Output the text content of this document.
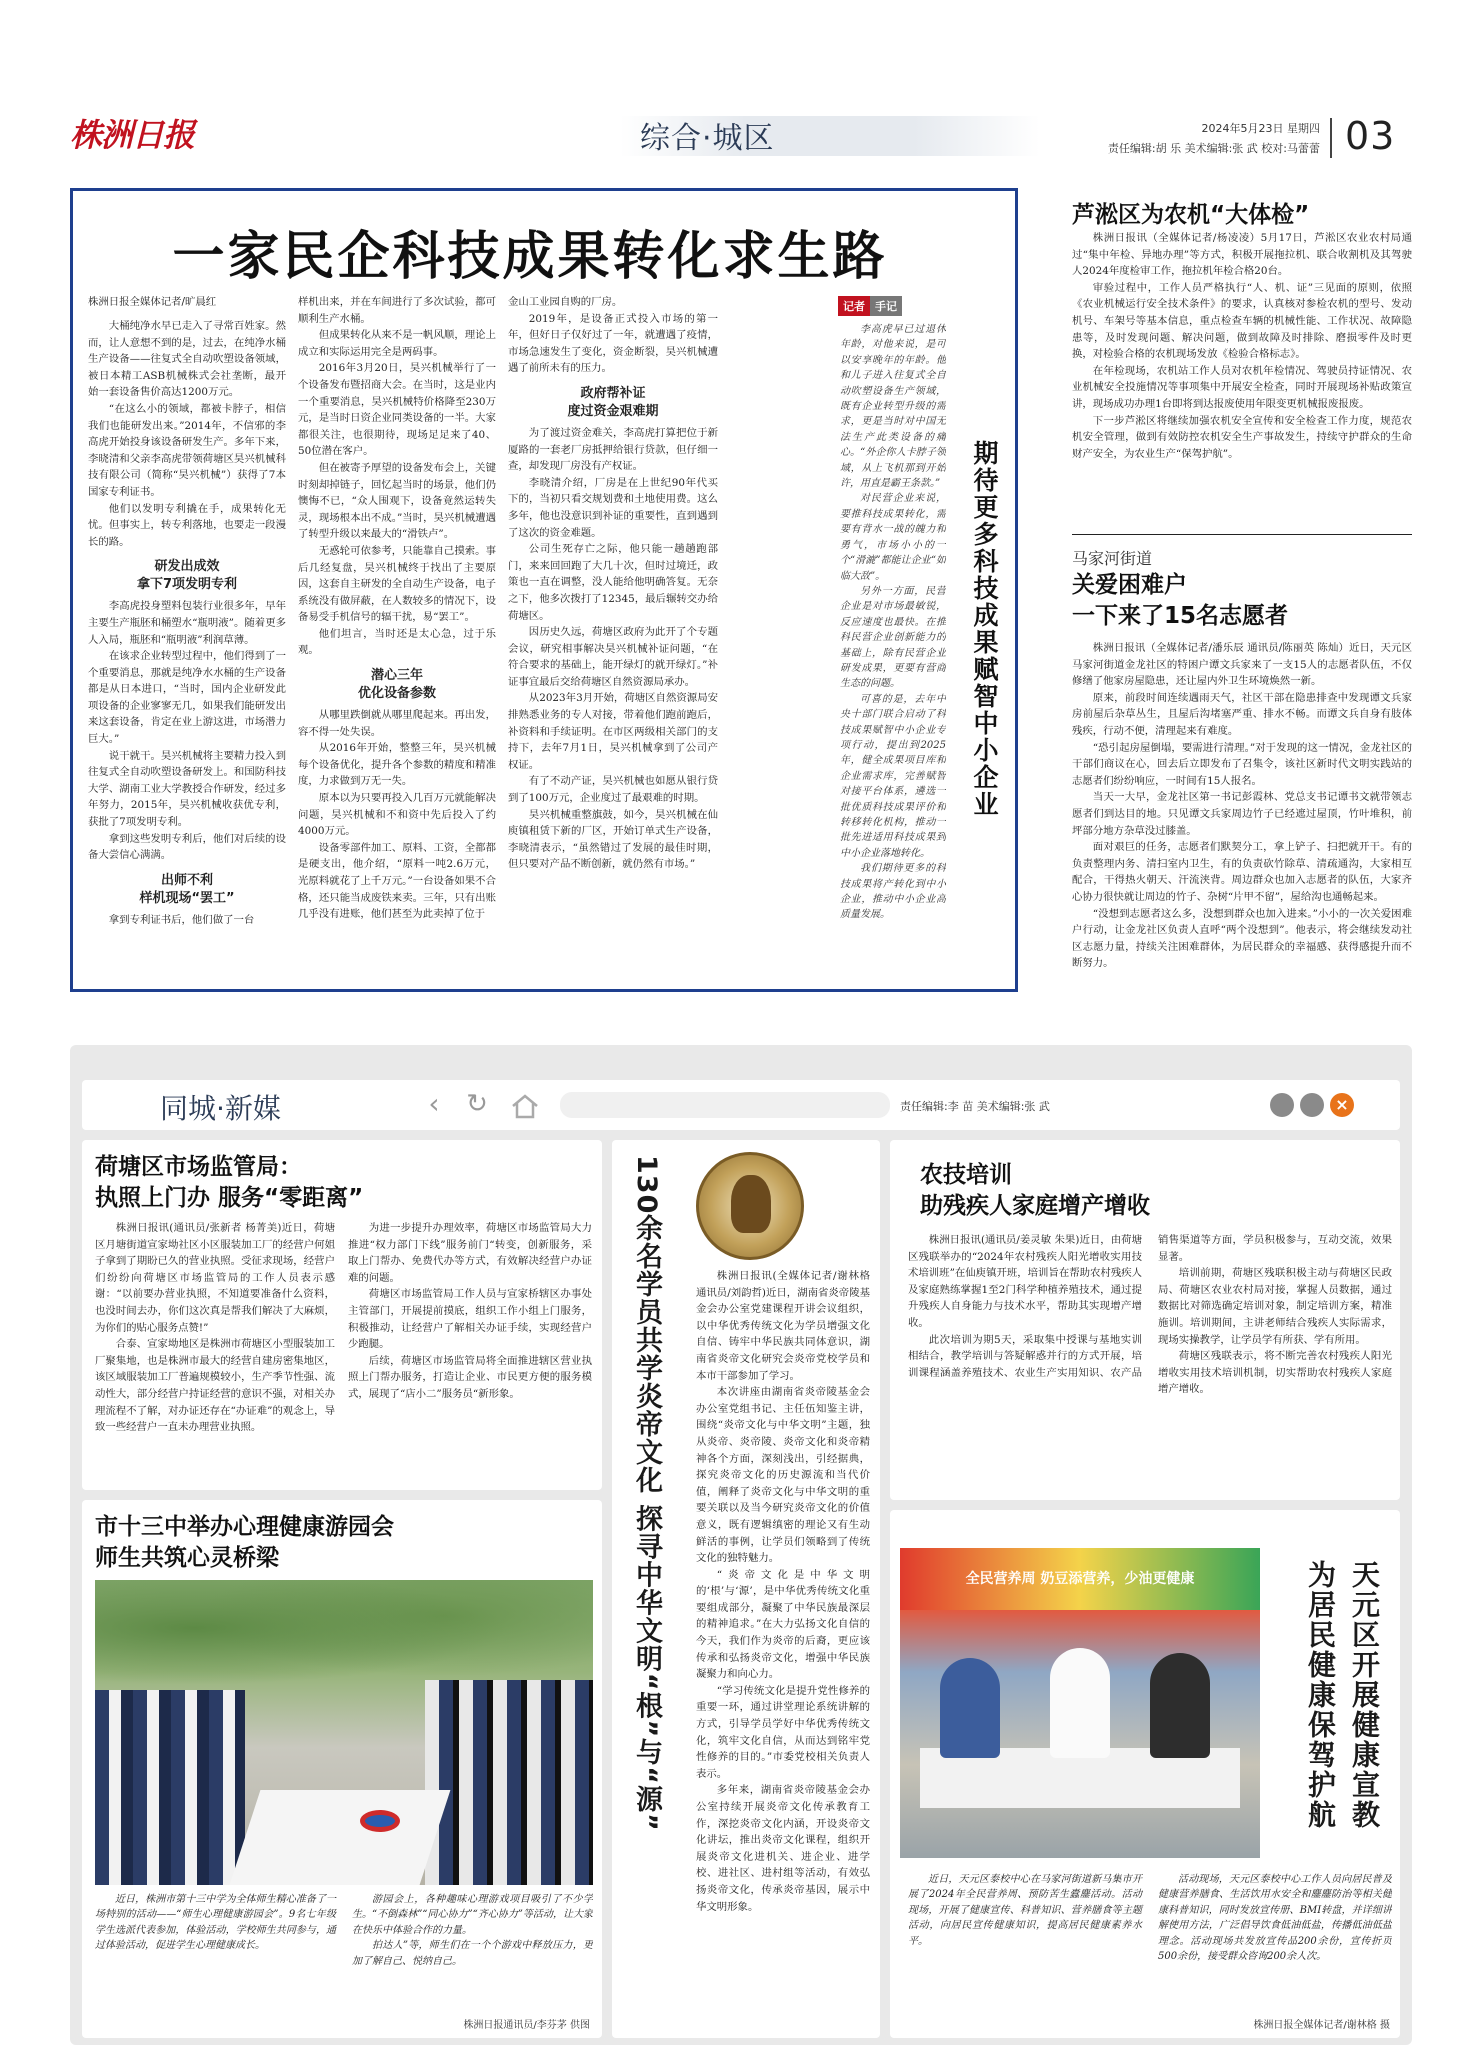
株洲日报	综合·城区	2024年5月23日 星期四
责任编辑:胡 乐 美术编辑:张 武 校对:马蕾蕾 03
一家民企科技成果转化求生路
株洲日报全媒体记者/旷晨红

大桶纯净水早已走入了寻常百姓家。然而，让人意想不到的是，过去，在纯净水桶生产设备——往复式全自动吹塑设备领域，被日本精工ASB机械株式会社垄断，最开始一套设备售价高达1200万元。

“在这么小的领域，都被卡脖子，相信我们也能研发出来。”2014年，不信邪的李高虎开始投身该设备研发生产。多年下来，李晓清和父亲李高虎带领荷塘区昊兴机械科技有限公司（简称“昊兴机械”）获得了7本国家专利证书。

他们以发明专利撬在手，成果转化无忧。但事实上，转专利落地，也要走一段漫长的路。

研发出成效
拿下7项发明专利

李高虎投身塑料包装行业很多年，早年主要生产瓶胚和桶塑水“瓶明液”。随着更多人入局，瓶胚和“瓶明液”利润草薄。

在该求企业转型过程中，他们得到了一个重要消息，那就是纯净水水桶的生产设备都是从日本进口，“当时，国内企业研发此项设备的企业寥寥无几，如果我们能研发出来这套设备，肯定在业上游这进，市场潜力巨大。”

说干就干。昊兴机械将主要精力投入到往复式全自动吹塑设备研发上。和国防科技大学、湖南工业大学教授合作研发，经过多年努力，2015年，昊兴机械收获优专利，获批了7项发明专利。

拿到这些发明专利后，他们对后续的设备大尝信心满满。

出师不利
样机现场“罢工”

拿到专利证书后，他们做了一台

样机出来，并在车间进行了多次试验，都可顺利生产水桶。

但成果转化从来不是一帆风顺，理论上成立和实际运用完全是两码事。

2016年3月20日，昊兴机械举行了一个设备发布暨招商大会。在当时，这是业内一个重要消息，昊兴机械特价格降至230万元，是当时日资企业同类设备的一半。大家都很关注，也很期待，现场足足来了40、50位潜在客户。

但在被寄予厚望的设备发布会上，关键时刻却掉链子，回忆起当时的场景，他们仍懊悔不已，“众人围观下，设备竟然运转失灵，现场根本出不成。”当时，昊兴机械遭遇了转型升级以来最大的“滑铁卢”。

无惑轮可依参考，只能靠自己摸索。事后几经复盘，昊兴机械终于找出了主要原因，这套自主研发的全自动生产设备，电子系统没有做屏蔽，在人数较多的情况下，设备易受手机信号的辐干扰，易“罢工”。

他们坦言，当时还是太心急，过于乐观。

潜心三年
优化设备参数

从哪里跌倒就从哪里爬起来。再出发，容不得一处失误。

从2016年开始，整整三年，昊兴机械每个设备优化，提升各个参数的精度和精准度，力求做到万无一失。

原本以为只要再投入几百万元就能解决问题，昊兴机械和不和资中先后投入了约4000万元。

设备零部件加工、原料、工资，全都都是硬支出，他介绍，“原料一吨2.6万元，光原料就花了上千万元。”一台设备如果不合格，还只能当成废铁来卖。三年，只有出账几乎没有进账，他们甚至为此卖掉了位于

金山工业园自购的厂房。

2019年，是设备正式投入市场的第一年，但好日子仅好过了一年，就遭遇了疫情，市场急速发生了变化，资金断裂，昊兴机械遭遇了前所未有的压力。

政府帮补证
度过资金艰难期

为了渡过资金难关，李高虎打算把位于新厦路的一套老厂房抵押给银行贷款，但仔细一查，却发现厂房没有产权证。

李晓清介绍，厂房是在上世纪90年代买下的，当初只看交规划费和土地使用费。这么多年，他也没意识到补证的重要性，直到遇到了这次的资金难题。

公司生死存亡之际，他只能一趟趟跑部门，来来回回跑了大几十次，但时过境迁，政策也一直在调整，没人能给他明确答复。无奈之下，他多次拨打了12345，最后辗转交办给荷塘区。

因历史久远，荷塘区政府为此开了个专题会议，研究相事解决昊兴机械补证问题，“在符合要求的基础上，能开绿灯的就开绿灯。”补证事宜最后交给荷塘区自然资源局承办。

从2023年3月开始，荷塘区自然资源局安排熟悉业务的专人对接，带着他们跑前跑后，补资料和手续证明。在市区两级相关部门的支持下，去年7月1日，昊兴机械拿到了公司产权证。

有了不动产证，昊兴机械也如愿从银行贷到了100万元，企业度过了最艰难的时期。

昊兴机械重整旗鼓，如今，昊兴机械在仙庾镇租赁下新的厂区，开始订单式生产设备，李晓清表示，“虽然错过了发展的最佳时期，但只要对产品不断创新，就仍然有市场。”

记者 手记

李高虎早已过退休年龄，对他来说，是可以安享晚年的年龄。他和儿子进入往复式全自动吹塑设备生产领域，既有企业转型升级的需求，更是当时对中国无法生产此类设备的痛心。“外企你人卡脖子领域，从上飞机那到开始许，用直是霸王条款。”

对民营企业来说，要推科技成果转化，需要有背水一战的魄力和勇气，市场小小的一个“滑漉”都能让企业“如临大敌”。

另外一方面，民营企业是对市场最敏锐，反应速度也最快。在推科民营企业创新能力的基础上，除有民营企业研发成果，更要有营商生态的问题。

可喜的是，去年中央十部门联合启动了科技成果赋智中小企业专项行动，提出到2025年，健全成果项目库和企业需求库，完善赋智对接平台体系，遴选一批优质科技成果评价和转移转化机构，推动一批先进适用科技成果到中小企业落地转化。

我们期待更多的科技成果将产转化到中小企业，推动中小企业高质量发展。

期待更多科技成果赋智中小企业
芦淞区为农机“大体检”

株洲日报讯（全媒体记者/杨凌凌）5月17日，芦淞区农业农村局通过“集中年检、异地办理”等方式，积极开展拖拉机、联合收割机及其驾驶人2024年度检审工作，拖拉机年检合格20台。

审验过程中，工作人员严格执行“人、机、证”三见面的原则，依照《农业机械运行安全技术条件》的要求，认真核对参检农机的型号、发动机号、车架号等基本信息，重点检查车辆的机械性能、工作状况、故障隐患等，及时发现问题、解决问题，做到故障及时排除、磨损零件及时更换，对检验合格的农机现场发放《检验合格标志》。

在年检现场，农机站工作人员对农机年检情况、驾驶员持证情况、农业机械安全投施情况等事项集中开展安全检查，同时开展现场补贴政策宣讲，现场成功办理1台即将到达报废使用年限变更机械报废报废。

下一步芦淞区将继续加强农机安全宣传和安全检查工作力度，规范农机安全管理，做到有效防控农机安全生产事故发生，持续守护群众的生命财产安全，为农业生产“保驾护航”。

马家河街道
关爱困难户
一下来了15名志愿者

株洲日报讯（全媒体记者/潘乐辰 通讯员/陈丽英 陈灿）近日，天元区马家河街道金龙社区的特困户谭文兵家来了一支15人的志愿者队伍，不仅修缮了他家房屋隐患，还让屋内外卫生环境焕然一新。

原来，前段时间连续遇雨天气，社区干部在隐患排查中发现谭文兵家房前屋后杂草丛生，且屋后沟堵塞严重、排水不畅。而谭文兵自身有肢体残疾，行动不便，清理起来有难度。

“恐引起房屋倒塌，要需进行清理。”对于发现的这一情况，金龙社区的干部们商议在心，回去后立即发布了召集令，该社区新时代文明实践站的志愿者们纷纷响应，一时间有15人报名。

当天一大早，金龙社区第一书记彭霞林、党总支书记谭书文就带领志愿者们到达目的地。只见谭文兵家周边竹子已经遮过屋顶，竹叶堆积，前坪部分地方杂草没过膝盖。

面对艰巨的任务，志愿者们默契分工，拿上铲子、扫把就开干。有的负责整理内务、清扫室内卫生，有的负责砍竹除草、清疏通沟，大家相互配合，干得热火朝天、汗流浃背。周边群众也加入志愿者的队伍，大家齐心协力很快就让周边的竹子、杂树“片甲不留”，屋给沟也通畅起来。

“没想到志愿者这么多，没想到群众也加入进来。”小小的一次关爱困难户行动，让金龙社区负责人直呼“两个没想到”。他表示，将会继续发动社区志愿力量，持续关注困难群体，为居民群众的幸福感、获得感提升而不断努力。

同城·新媒	‹	↻	责任编辑:李 苗 美术编辑:张 武	×
荷塘区市场监管局：
执照上门办 服务“零距离”

株洲日报讯(通讯员/张新者 杨菁美)近日，荷塘区月塘街道宣家坳社区小区服装加工厂的经营户何姐子拿到了期盼已久的营业执照。受征求现场，经营户们纷纷向荷塘区市场监管局的工作人员表示感谢：“以前要办营业执照，不知道要准备什么资料，也没时间去办，你们这次真是帮我们解决了大麻烦，为你们的贴心服务点赞!”

合泰、宣家坳地区是株洲市荷塘区小型服装加工厂聚集地，也是株洲市最大的经营自建房密集地区，该区域服装加工厂普遍规模较小，生产季节性强、流动性大，部分经营户持证经营的意识不强，对相关办理流程不了解，对办证还存在“办证难”的观念上，导致一些经营户一直未办理营业执照。

为进一步提升办理效率，荷塘区市场监管局大力推进“权力部门下线”服务前门“转变，创新服务，采取上门帮办、免费代办等方式，有效解决经营户办证难的问题。

荷塘区市场监管局工作人员与宣家桥辖区办事处主管部门，开展提前摸底，组织工作小组上门服务，积极推动，让经营户了解相关办证手续，实现经营户少跑腿。

后续，荷塘区市场监管局将全面推进辖区营业执照上门帮办服务，打造让企业、市民更方便的服务模式，展现了“店小二”服务员“新形象。

市十三中举办心理健康游园会
师生共筑心灵桥梁

近日，株洲市第十三中学为全体师生精心准备了一场特别的活动——“师生心理健康游园会”。9名七年级学生选派代表参加，体验活动，学校师生共同参与，通过体验活动，促进学生心理健康成长。

游园会上，各种趣味心理游戏项目吸引了不少学生。“不倒森林”“同心协力”“齐心协力”等活动，让大家在快乐中体验合作的力量。

拍达人”等，师生们在一个个游戏中释放压力，更加了解自己、悦纳自己。

株洲日报通讯员/李芬茅 供图
130余名学员共学炎帝文化 探寻中华文明“根”与“源”	株洲日报讯(全媒体记者/谢林格 通讯员/刘韵哲)近日，湖南省炎帝陵基金会办公室党建课程开讲会议组织，以中华优秀传统文化为学员增强文化自信、铸牢中华民族共同体意识，湖南省炎帝文化研究会炎帝党校学员和本市干部参加了学习。

本次讲座由湖南省炎帝陵基金会办公室党组书记、主任伍知鉴主讲，围绕“炎帝文化与中华文明”主题，独从炎帝、炎帝陵、炎帝文化和炎帝精神各个方面，深刻浅出，引经据典，探究炎帝文化的历史源流和当代价值，阐释了炎帝文化与中华文明的重要关联以及当今研究炎帝文化的价值意义，既有逻辑缜密的理论又有生动鲜活的事例，让学员们领略到了传统文化的独特魅力。

“炎帝文化是中华文明的‘根’与‘源’，是中华优秀传统文化重要组成部分，凝聚了中华民族最深层的精神追求。”在大力弘扬文化自信的今天，我们作为炎帝的后裔，更应该传承和弘扬炎帝文化，增强中华民族凝聚力和向心力。

“学习传统文化是提升党性修养的重要一环，通过讲堂理论系统讲解的方式，引导学员学好中华优秀传统文化，筑牢文化自信，从而达到铭牢党性修养的目的。”市委党校相关负责人表示。

多年来，湖南省炎帝陵基金会办公室持续开展炎帝文化传承教育工作，深挖炎帝文化内涵，开设炎帝文化讲坛，推出炎帝文化课程，组织开展炎帝文化进机关、进企业、进学校、进社区、进村组等活动，有效弘扬炎帝文化，传承炎帝基因，展示中华文明形象。

农技培训
助残疾人家庭增产增收

株洲日报讯(通讯员/姜灵敏 朱果)近日，由荷塘区残联举办的“2024年农村残疾人阳光增收实用技术培训班”在仙庾镇开班，培训旨在帮助农村残疾人及家庭熟练掌握1至2门科学种植养殖技术，通过提升残疾人自身能力与技术水平，帮助其实现增产增收。

此次培训为期5天，采取集中授课与基地实训相结合，教学培训与答疑解惑并行的方式开展，培训课程涵盖养殖技术、农业生产实用知识、农产品销售渠道等方面，学员积极参与，互动交流，效果显著。

培训前期，荷塘区残联积极主动与荷塘区民政局、荷塘区农业农村局对接，掌握人员数据，通过数据比对筛选确定培训对象，制定培训方案，精准施训。培训期间，主讲老师结合残疾人实际需求，现场实操教学，让学员学有所获、学有所用。

荷塘区残联表示，将不断完善农村残疾人阳光增收实用技术培训机制，切实帮助农村残疾人家庭增产增收。

全民营养周 奶豆添营养，少油更健康	天元区开展健康宣教
为居民健康保驾护航

近日，天元区泰校中心在马家河街道新马集市开展了2024年全民营养周、预防苦生蠹鏖活动。活动现场，开展了健康宣传、科普知识、营养膳食等主题活动，向居民宣传健康知识，提高居民健康素养水平。

活动现场，天元区泰校中心工作人员向居民普及健康营养膳食、生活饮用水安全和鏖鏖防治等相关健康科普知识，同时发放宣传册、BMI转盘，并详细讲解使用方法，广泛倡导饮食低油低盐，传播低油低盐理念。活动现场共发放宣传品200余份，宣传折页500余份，接受群众咨询200余人次。

株洲日报全媒体记者/谢林格 摄
